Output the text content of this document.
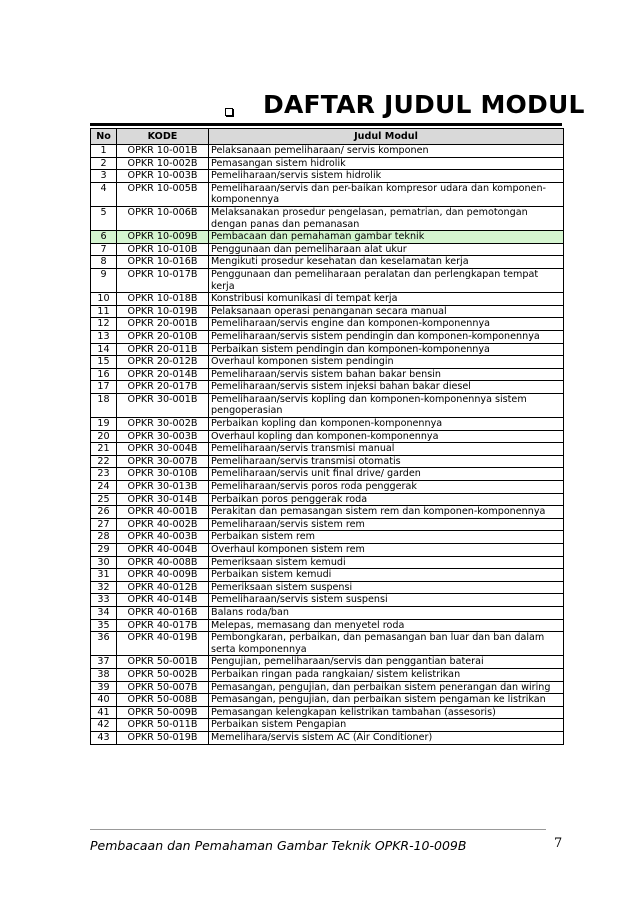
DAFTAR JUDUL MODUL
No	KODE	Judul Modul
1	OPKR 10-001B	Pelaksanaan pemeliharaan/ servis komponen
2	OPKR 10-002B	Pemasangan sistem hidrolik
3	OPKR 10-003B	Pemeliharaan/servis sistem hidrolik
4	OPKR 10-005B	Pemeliharaan/servis dan per-baikan kompresor udara dan komponen-komponennya
5	OPKR 10-006B	Melaksanakan prosedur pengelasan, pematrian, dan pemotongan dengan panas dan pemanasan
6	OPKR 10-009B	Pembacaan dan pemahaman gambar teknik
7	OPKR 10-010B	Penggunaan dan pemeliharaan alat ukur
8	OPKR 10-016B	Mengikuti prosedur kesehatan dan keselamatan kerja
9	OPKR 10-017B	Penggunaan dan pemeliharaan peralatan dan perlengkapan tempat kerja
10	OPKR 10-018B	Konstribusi komunikasi di tempat kerja
11	OPKR 10-019B	Pelaksanaan operasi penanganan secara manual
12	OPKR 20-001B	Pemeliharaan/servis engine dan komponen-komponennya
13	OPKR 20-010B	Pemeliharaan/servis sistem pendingin dan komponen-komponennya
14	OPKR 20-011B	Perbaikan sistem pendingin dan komponen-komponennya
15	OPKR 20-012B	Overhaul komponen sistem pendingin
16	OPKR 20-014B	Pemeliharaan/servis sistem bahan bakar bensin
17	OPKR 20-017B	Pemeliharaan/servis sistem injeksi bahan bakar diesel
18	OPKR 30-001B	Pemeliharaan/servis kopling dan komponen-komponennya sistem pengoperasian
19	OPKR 30-002B	Perbaikan kopling dan komponen-komponennya
20	OPKR 30-003B	Overhaul kopling dan komponen-komponennya
21	OPKR 30-004B	Pemeliharaan/servis transmisi manual
22	OPKR 30-007B	Pemeliharaan/servis transmisi otomatis
23	OPKR 30-010B	Pemeliharaan/servis unit final drive/ garden
24	OPKR 30-013B	Pemeliharaan/servis poros roda penggerak
25	OPKR 30-014B	Perbaikan poros penggerak roda
26	OPKR 40-001B	Perakitan dan pemasangan sistem rem dan komponen-komponennya
27	OPKR 40-002B	Pemeliharaan/servis sistem rem
28	OPKR 40-003B	Perbaikan sistem rem
29	OPKR 40-004B	Overhaul komponen sistem rem
30	OPKR 40-008B	Pemeriksaan sistem kemudi
31	OPKR 40-009B	Perbaikan sistem kemudi
32	OPKR 40-012B	Pemeriksaan sistem suspensi
33	OPKR 40-014B	Pemeliharaan/servis sistem suspensi
34	OPKR 40-016B	Balans roda/ban
35	OPKR 40-017B	Melepas, memasang dan menyetel roda
36	OPKR 40-019B	Pembongkaran, perbaikan, dan pemasangan ban luar dan ban dalam serta komponennya
37	OPKR 50-001B	Pengujian, pemeliharaan/servis dan penggantian baterai
38	OPKR 50-002B	Perbaikan ringan pada rangkaian/ sistem kelistrikan
39	OPKR 50-007B	Pemasangan, pengujian, dan perbaikan sistem penerangan dan wiring
40	OPKR 50-008B	Pemasangan, pengujian, dan perbaikan sistem pengaman ke listrikan
41	OPKR 50-009B	Pemasangan kelengkapan kelistrikan tambahan (assesoris)
42	OPKR 50-011B	Perbaikan sistem Pengapian
43	OPKR 50-019B	Memelihara/servis sistem AC (Air Conditioner)
Pembacaan dan Pemahaman Gambar Teknik OPKR-10-009B	7
